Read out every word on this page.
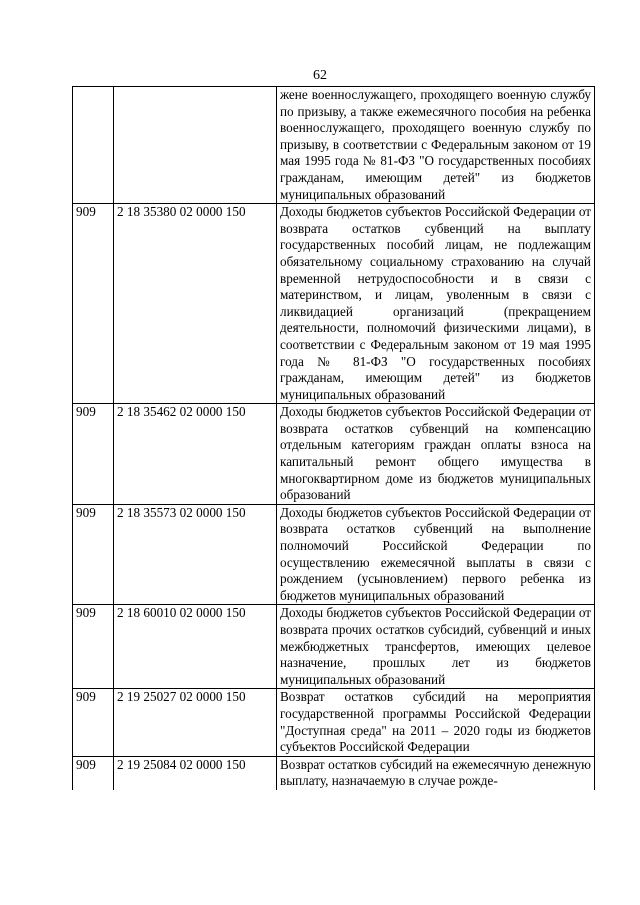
62
		жене военнослужащего, проходящего военную службу по призыву, а также ежемесячного пособия на ребенка военнослужащего, проходящего военную службу по призыву, в соответствии с Федеральным законом от 19 мая 1995 года № 81-ФЗ "О государственных пособиях гражданам, имеющим детей" из бюджетов муниципальных образований
909	2 18 35380 02 0000 150	Доходы бюджетов субъектов Российской Федерации от возврата остатков субвенций на выплату государственных пособий лицам, не подлежащим обязательному социальному страхованию на случай временной нетрудоспособности и в связи с материнством, и лицам, уволенным в связи с ликвидацией организаций (прекращением деятельности, полномочий физическими лицами), в соответствии с Федеральным законом от 19 мая 1995 года № 81-ФЗ "О государственных пособиях гражданам, имеющим детей" из бюджетов муниципальных образований
909	2 18 35462 02 0000 150	Доходы бюджетов субъектов Российской Федерации от возврата остатков субвенций на компенсацию отдельным категориям граждан оплаты взноса на капитальный ремонт общего имущества в многоквартирном доме из бюджетов муниципальных образований
909	2 18 35573 02 0000 150	Доходы бюджетов субъектов Российской Федерации от возврата остатков субвенций на выполнение полномочий Российской Федерации по осуществлению ежемесячной выплаты в связи с рождением (усыновлением) первого ребенка из бюджетов муниципальных образований
909	2 18 60010 02 0000 150	Доходы бюджетов субъектов Российской Федерации от возврата прочих остатков субсидий, субвенций и иных межбюджетных трансфертов, имеющих целевое назначение, прошлых лет из бюджетов муниципальных образований
909	2 19 25027 02 0000 150	Возврат остатков субсидий на мероприятия государственной программы Российской Федерации "Доступная среда" на 2011 – 2020 годы из бюджетов субъектов Российской Федерации
909	2 19 25084 02 0000 150	Возврат остатков субсидий на ежемесячную денежную выплату, назначаемую в случае рожде-
